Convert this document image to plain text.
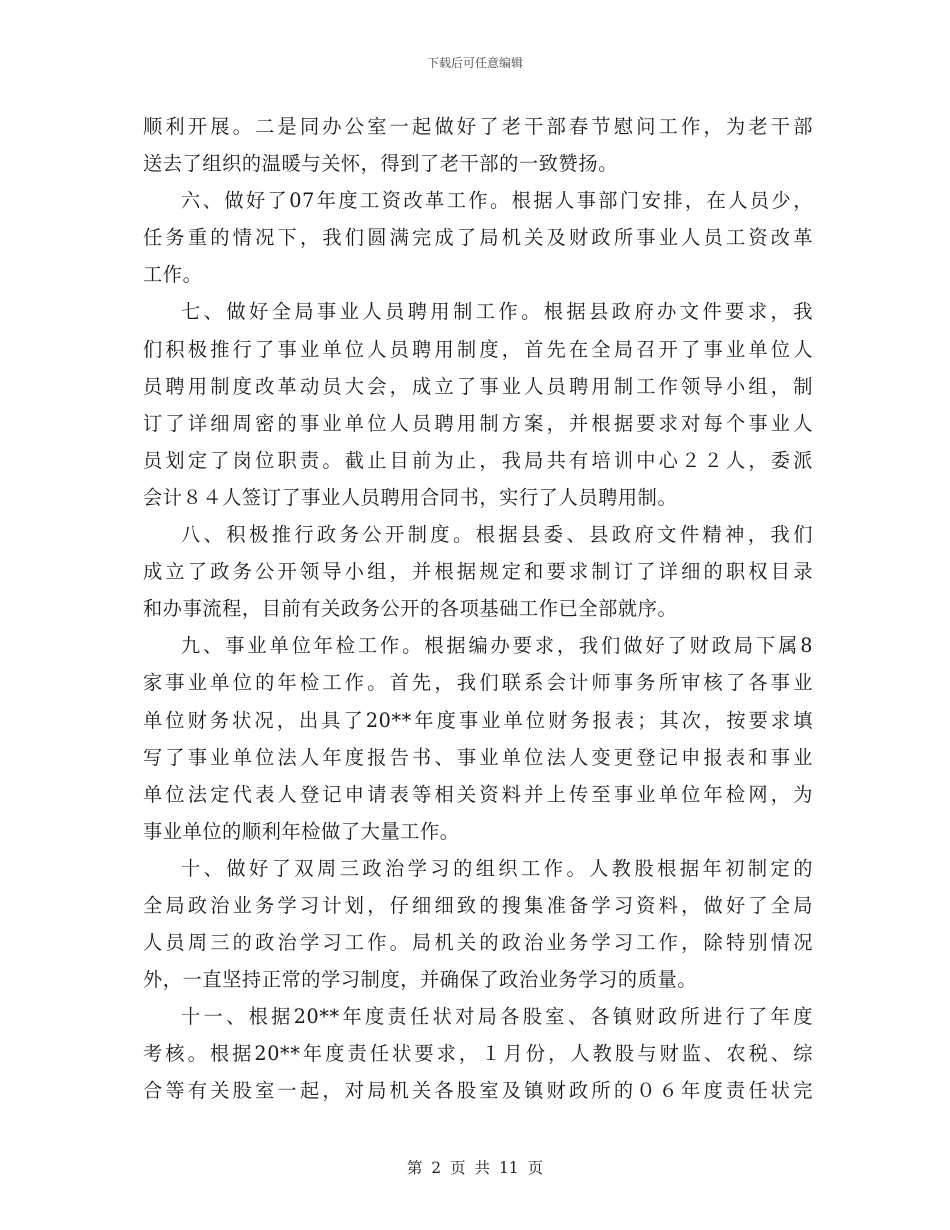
下载后可任意编辑
顺利开展。二是同办公室一起做好了老干部春节慰问工作，为老干部
送去了组织的温暖与关怀，得到了老干部的一致赞扬。
六、做好了07年度工资改革工作。根据人事部门安排，在人员少，
任务重的情况下，我们圆满完成了局机关及财政所事业人员工资改革
工作。
七、做好全局事业人员聘用制工作。根据县政府办文件要求，我
们积极推行了事业单位人员聘用制度，首先在全局召开了事业单位人
员聘用制度改革动员大会，成立了事业人员聘用制工作领导小组，制
订了详细周密的事业单位人员聘用制方案，并根据要求对每个事业人
员划定了岗位职责。截止目前为止，我局共有培训中心２２人，委派
会计８４人签订了事业人员聘用合同书，实行了人员聘用制。
八、积极推行政务公开制度。根据县委、县政府文件精神，我们
成立了政务公开领导小组，并根据规定和要求制订了详细的职权目录
和办事流程，目前有关政务公开的各项基础工作已全部就序。
九、事业单位年检工作。根据编办要求，我们做好了财政局下属8
家事业单位的年检工作。首先，我们联系会计师事务所审核了各事业
单位财务状况，出具了20**年度事业单位财务报表；其次，按要求填
写了事业单位法人年度报告书、事业单位法人变更登记申报表和事业
单位法定代表人登记申请表等相关资料并上传至事业单位年检网，为
事业单位的顺利年检做了大量工作。
十、做好了双周三政治学习的组织工作。人教股根据年初制定的
全局政治业务学习计划，仔细细致的搜集准备学习资料，做好了全局
人员周三的政治学习工作。局机关的政治业务学习工作，除特别情况
外，一直坚持正常的学习制度，并确保了政治业务学习的质量。
十一、根据20**年度责任状对局各股室、各镇财政所进行了年度
考核。根据20**年度责任状要求，１月份，人教股与财监、农税、综
合等有关股室一起，对局机关各股室及镇财政所的０６年度责任状完
第 2 页 共 11 页
